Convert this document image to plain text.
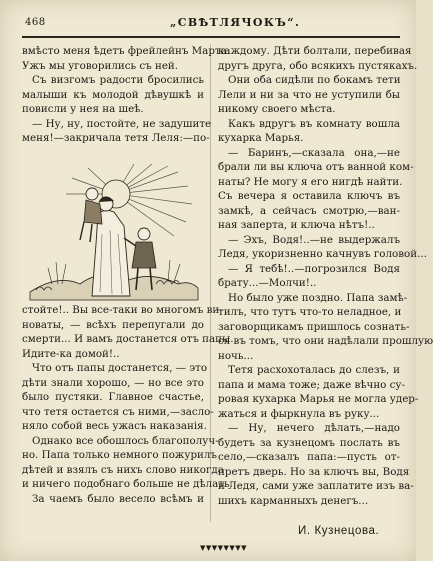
468	„СВѢТЛЯЧОКЪ“.
вмѣсто меня ѣдетъ фрейлейнъ Марта.
Ужъ мы уговорились съ ней.
Съ визгомъ радости бросились
малыши къ молодой дѣвушкѣ и
повисли у нея на шеѣ.
— Ну, ну, постойте, не задушите
меня!—закричала тетя Леля:—по-
стойте!.. Вы все-таки во многомъ ви-
новаты, — всѣхъ перепугали до
смерти... И вамъ достанется отъ папы.
Идите-ка домой!..
Что отъ папы достанется, — это
дѣти знали хорошо, — но все это
было пустяки. Главное счастье,
что тетя остается съ ними,—засло-
няло собой весь ужасъ наказанія.
Однако все обошлось благополуч-
но. Папа только немного пожурилъ
дѣтей и взялъ съ нихъ слово никогда
и ничего подобнаго больше не дѣлать.
За чаемъ было весело всѣмъ и
каждому. Дѣти болтали, перебивая
другъ друга, обо всякихъ пустякахъ.
Они оба сидѣли по бокамъ тети
Лели и ни за что не уступили бы
никому своего мѣста.
Какъ вдругъ въ комнату вошла
кухарка Марья.
— Баринъ,—сказала она,—не
брали ли вы ключа отъ ванной ком-
наты? Не могу я его нигдѣ найти.
Съ вечера я оставила ключъ въ
замкѣ, а сейчасъ смотрю,—ван-
ная заперта, и ключа нѣтъ!..
— Эхъ, Водя!..—не выдержалъ
Ледя, укоризненно качнувъ головой...
— Я тебѣ!..—погрозился Водя
брату...—Молчи!..
Но было уже поздно. Папа замѣ-
тилъ, что тутъ что-то неладное, и
заговорщикамъ пришлось сознать-
ся въ томъ, что они надѣлали прошлую
ночь...
Тетя расхохоталась до слезъ, и
папа и мама тоже; даже вѣчно су-
ровая кухарка Марья не могла удер-
жаться и фыркнула въ руку...
— Ну, нечего дѣлать,—надо
будетъ за кузнецомъ послать въ
село,—сказалъ папа:—пусть от-
претъ дверь. Но за ключъ вы, Водя
и Ледя, сами уже заплатите изъ ва-
шихъ карманныхъ денегъ...
И. Кузнецова.
▼▼▼▼▼▼▼▼
